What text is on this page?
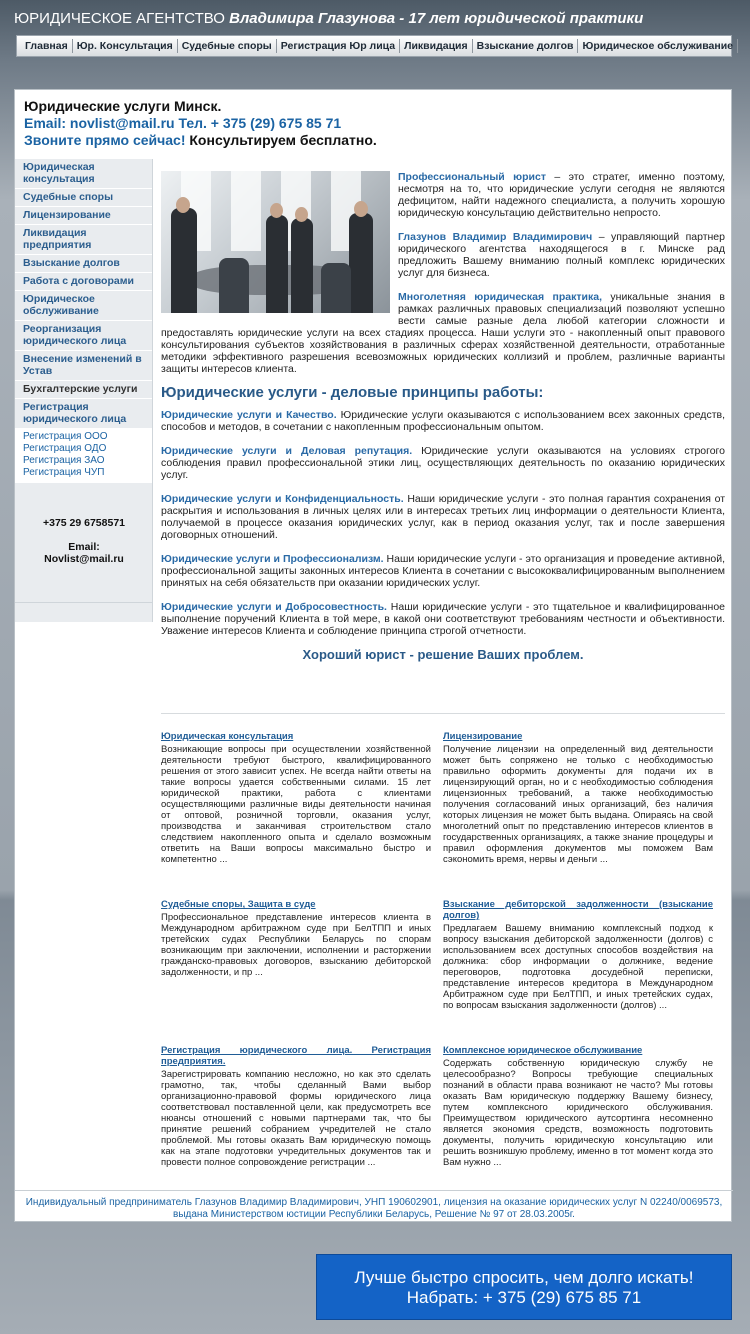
ЮРИДИЧЕСКОЕ АГЕНТСТВО Владимира Глазунова - 17 лет юридической практики
Главная Юр. Консультация Судебные споры Регистрация Юр лица Ликвидация Взыскание долгов Юридическое обслуживание
Юридические услуги Минск.
Email: novlist@mail.ru Тел. + 375 (29) 675 85 71
Звоните прямо сейчас! Консультируем бесплатно.
Юридическая консультация
Судебные споры
Лицензирование
Ликвидация предприятия
Взыскание долгов
Работа с договорами
Юридическое обслуживание
Реорганизация юридического лица
Внесение изменений в Устав
Бухгалтерские услуги
Регистрация юридического лица
Регистрация ООО
Регистрация ОДО
Регистрация ЗАО
Регистрация ЧУП
+375 29 6758571
Email:
Novlist@mail.ru

Профессиональный юрист – это стратег, именно поэтому, несмотря на то, что юридические услуги сегодня не являются дефицитом, найти надежного специалиста, а получить хорошую юридическую консультацию действительно непросто.

Глазунов Владимир Владимирович – управляющий партнер юридического агентства находящегося в г. Минске рад предложить Вашему вниманию полный комплекс юридических услуг для бизнеса.

Многолетняя юридическая практика, уникальные знания в рамках различных правовых специализаций позволяют успешно вести самые разные дела любой категории сложности и предоставлять юридические услуги на всех стадиях процесса. Наши услуги это - накопленный опыт правового консультирования субъектов хозяйствования в различных сферах хозяйственной деятельности, отработанные методики эффективного разрешения всевозможных юридических коллизий и проблем, различные варианты защиты интересов клиента.

Юридические услуги - деловые принципы работы:

Юридические услуги и Качество. Юридические услуги оказываются с использованием всех законных средств, способов и методов, в сочетании с накопленным профессиональным опытом.

Юридические услуги и Деловая репутация. Юридические услуги оказываются на условиях строгого соблюдения правил профессиональной этики лиц, осуществляющих деятельность по оказанию юридических услуг.

Юридические услуги и Конфиденциальность. Наши юридические услуги - это полная гарантия сохранения от раскрытия и использования в личных целях или в интересах третьих лиц информации о деятельности Клиента, получаемой в процессе оказания юридических услуг, как в период оказания услуг, так и после завершения договорных отношений.

Юридические услуги и Профессионализм. Наши юридические услуги - это организация и проведение активной, профессиональной защиты законных интересов Клиента в сочетании с высококвалифицированным выполнением принятых на себя обязательств при оказании юридических услуг.

Юридические услуги и Добросовестность. Наши юридические услуги - это тщательное и квалифицированное выполнение поручений Клиента в той мере, в какой они соответствуют требованиям честности и объективности. Уважение интересов Клиента и соблюдение принципа строгой отчетности.

Хороший юрист - решение Ваших проблем.
Юридическая консультация
Возникающие вопросы при осуществлении хозяйственной деятельности требуют быстрого, квалифицированного решения от этого зависит успех. Не всегда найти ответы на такие вопросы удается собственными силами. 15 лет юридической практики, работа с клиентами осуществляющими различные виды деятельности начиная от оптовой, розничной торговли, оказания услуг, производства и заканчивая строительством стало следствием накопленного опыта и сделало возможным ответить на Ваши вопросы максимально быстро и компетентно ...
Лицензирование
Получение лицензии на определенный вид деятельности может быть сопряжено не только с необходимостью правильно оформить документы для подачи их в лицензирующий орган, но и с необходимостью соблюдения лицензионных требований, а также необходимостью получения согласований иных организаций, без наличия которых лицензия не может быть выдана. Опираясь на свой многолетний опыт по представлению интересов клиентов в государственных организациях, а также знание процедуры и правил оформления документов мы поможем Вам сэкономить время, нервы и деньги ...
Судебные споры, Защита в суде
Профессиональное представление интересов клиента в Международном арбитражном суде при БелТПП и иных третейских судах Республики Беларусь по спорам возникающим при заключении, исполнении и расторжении гражданско-правовых договоров, взысканию дебиторской задолженности, и пр ...
Взыскание дебиторской задолженности (взыскание долгов)
Предлагаем Вашему вниманию комплексный подход к вопросу взыскания дебиторской задолженности (долгов) с использованием всех доступных способов воздействия на должника: сбор информации о должнике, ведение переговоров, подготовка досудебной переписки, представление интересов кредитора в Международном Арбитражном суде при БелТПП, и иных третейских судах, по вопросам взыскания задолженности (долгов) ...
Регистрация юридического лица. Регистрация предприятия.
Зарегистрировать компанию несложно, но как это сделать грамотно, так, чтобы сделанный Вами выбор организационно-правовой формы юридического лица соответствовал поставленной цели, как предусмотреть все нюансы отношений с новыми партнерами так, что бы принятие решений собранием учредителей не стало проблемой. Мы готовы оказать Вам юридическую помощь как на этапе подготовки учредительных документов так и провести полное сопровождение регистрации ...
Комплексное юридическое обслуживание
Содержать собственную юридическую службу не целесообразно? Вопросы требующие специальных познаний в области права возникают не часто? Мы готовы оказать Вам юридическую поддержку Вашему бизнесу, путем комплексного юридического обслуживания. Преимуществом юридического аутсортинга несомненно является экономия средств, возможность подготовить документы, получить юридическую консультацию или решить возникшую проблему, именно в тот момент когда это Вам нужно ...
Индивидуальный предприниматель Глазунов Владимир Владимирович, УНП 190602901, лицензия на оказание юридических услуг N 02240/0069573,
выдана Министерством юстиции Республики Беларусь, Решение № 97 от 28.03.2005г.
Лучше быстро спросить, чем долго искать!
Набрать: + 375 (29) 675 85 71
